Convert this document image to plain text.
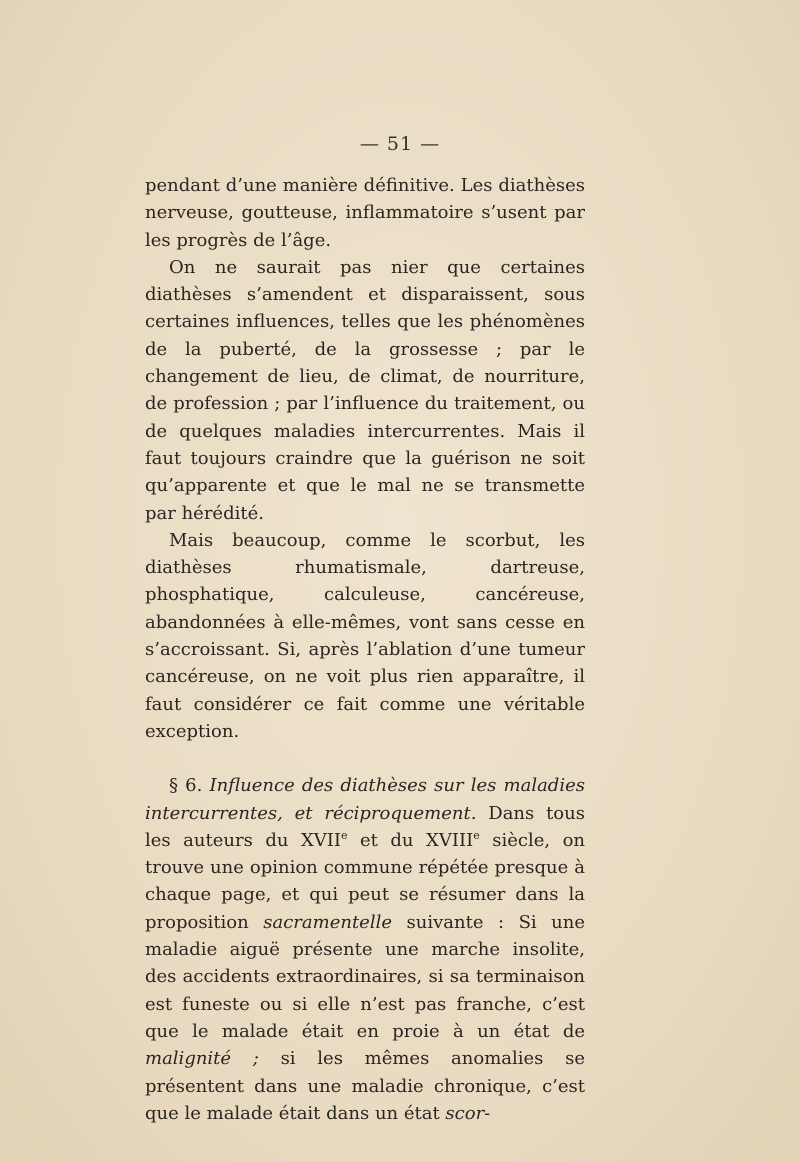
— 51 —

pendant d’une manière définitive. Les diathèses nerveuse, goutteuse, inflammatoire s’usent par les progrès de l’âge.

On ne saurait pas nier que certaines diathèses s’amendent et disparaissent, sous certaines influences, telles que les phénomènes de la puberté, de la grossesse ; par le changement de lieu, de climat, de nourriture, de profession ; par l’influence du traitement, ou de quelques maladies intercurrentes. Mais il faut toujours craindre que la guérison ne soit qu’apparente et que le mal ne se transmette par hérédité.

Mais beaucoup, comme le scorbut, les diathèses rhumatismale, dartreuse, phosphatique, calculeuse, cancéreuse, abandonnées à elle-mêmes, vont sans cesse en s’accroissant. Si, après l’ablation d’une tumeur cancéreuse, on ne voit plus rien apparaître, il faut considérer ce fait comme une véritable exception.

§ 6. Influence des diathèses sur les maladies intercurrentes, et réciproquement. Dans tous les auteurs du XVIIe et du XVIIIe siècle, on trouve une opinion commune répétée presque à chaque page, et qui peut se résumer dans la proposition sacramentelle suivante : Si une maladie aiguë présente une marche insolite, des accidents extraordinaires, si sa terminaison est funeste ou si elle n’est pas franche, c’est que le malade était en proie à un état de malignité ; si les mêmes anomalies se présentent dans une maladie chronique, c’est que le malade était dans un état scor-
